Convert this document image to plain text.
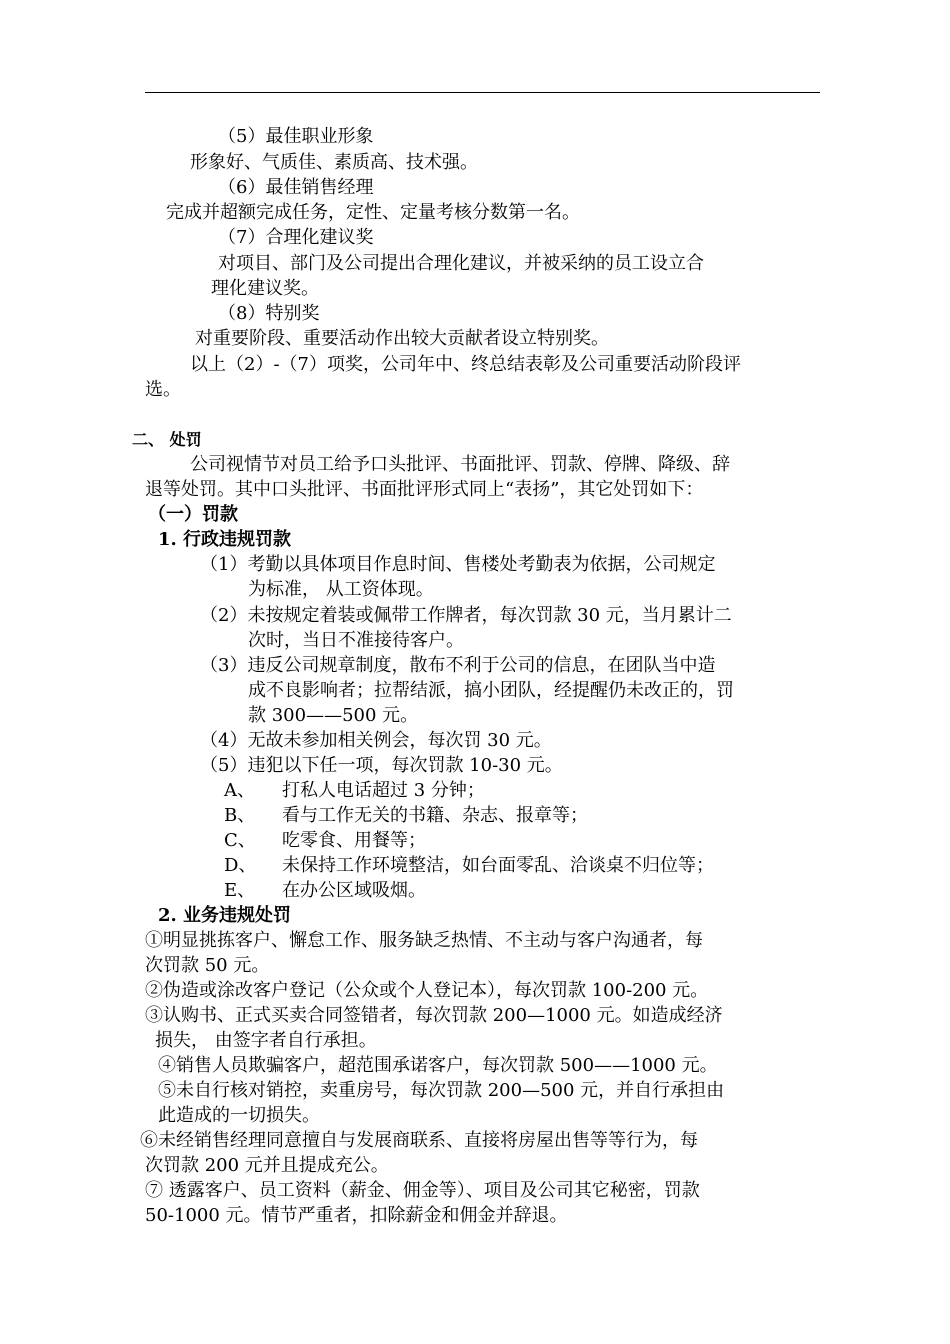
（5）最佳职业形象
形象好、气质佳、素质高、技术强。
（6）最佳销售经理
完成并超额完成任务，定性、定量考核分数第一名。
（7）合理化建议奖
对项目、部门及公司提出合理化建议，并被采纳的员工设立合
理化建议奖。
（8）特别奖
对重要阶段、重要活动作出较大贡献者设立特别奖。
以上（2）-（7）项奖，公司年中、终总结表彰及公司重要活动阶段评
选。
二、 处罚
公司视情节对员工给予口头批评、书面批评、罚款、停牌、降级、辞
退等处罚。其中口头批评、书面批评形式同上“表扬”，其它处罚如下：
（一）罚款
1. 行政违规罚款
（1）考勤以具体项目作息时间、售楼处考勤表为依据，公司规定
为标准， 从工资体现。
（2）未按规定着装或佩带工作牌者，每次罚款 30 元，当月累计二
次时，当日不准接待客户。
（3）违反公司规章制度，散布不利于公司的信息，在团队当中造
成不良影响者；拉帮结派，搞小团队，经提醒仍未改正的，罚
款 300——500 元。
（4）无故未参加相关例会，每次罚 30 元。
（5）违犯以下任一项，每次罚款 10-30 元。
A、 打私人电话超过 3 分钟；
B、 看与工作无关的书籍、杂志、报章等；
C、 吃零食、用餐等；
D、 未保持工作环境整洁，如台面零乱、洽谈桌不归位等；
E、 在办公区域吸烟。
2. 业务违规处罚
①明显挑拣客户、懈怠工作、服务缺乏热情、不主动与客户沟通者，每
次罚款 50 元。
②伪造或涂改客户登记（公众或个人登记本），每次罚款 100-200 元。
③认购书、正式买卖合同签错者，每次罚款 200—1000 元。如造成经济
损失， 由签字者自行承担。
④销售人员欺骗客户，超范围承诺客户，每次罚款 500——1000 元。
⑤未自行核对销控，卖重房号，每次罚款 200—500 元，并自行承担由
此造成的一切损失。
⑥未经销售经理同意擅自与发展商联系、直接将房屋出售等等行为，每
次罚款 200 元并且提成充公。
⑦ 透露客户、员工资料（薪金、佣金等）、项目及公司其它秘密，罚款
50-1000 元。情节严重者，扣除薪金和佣金并辞退。
